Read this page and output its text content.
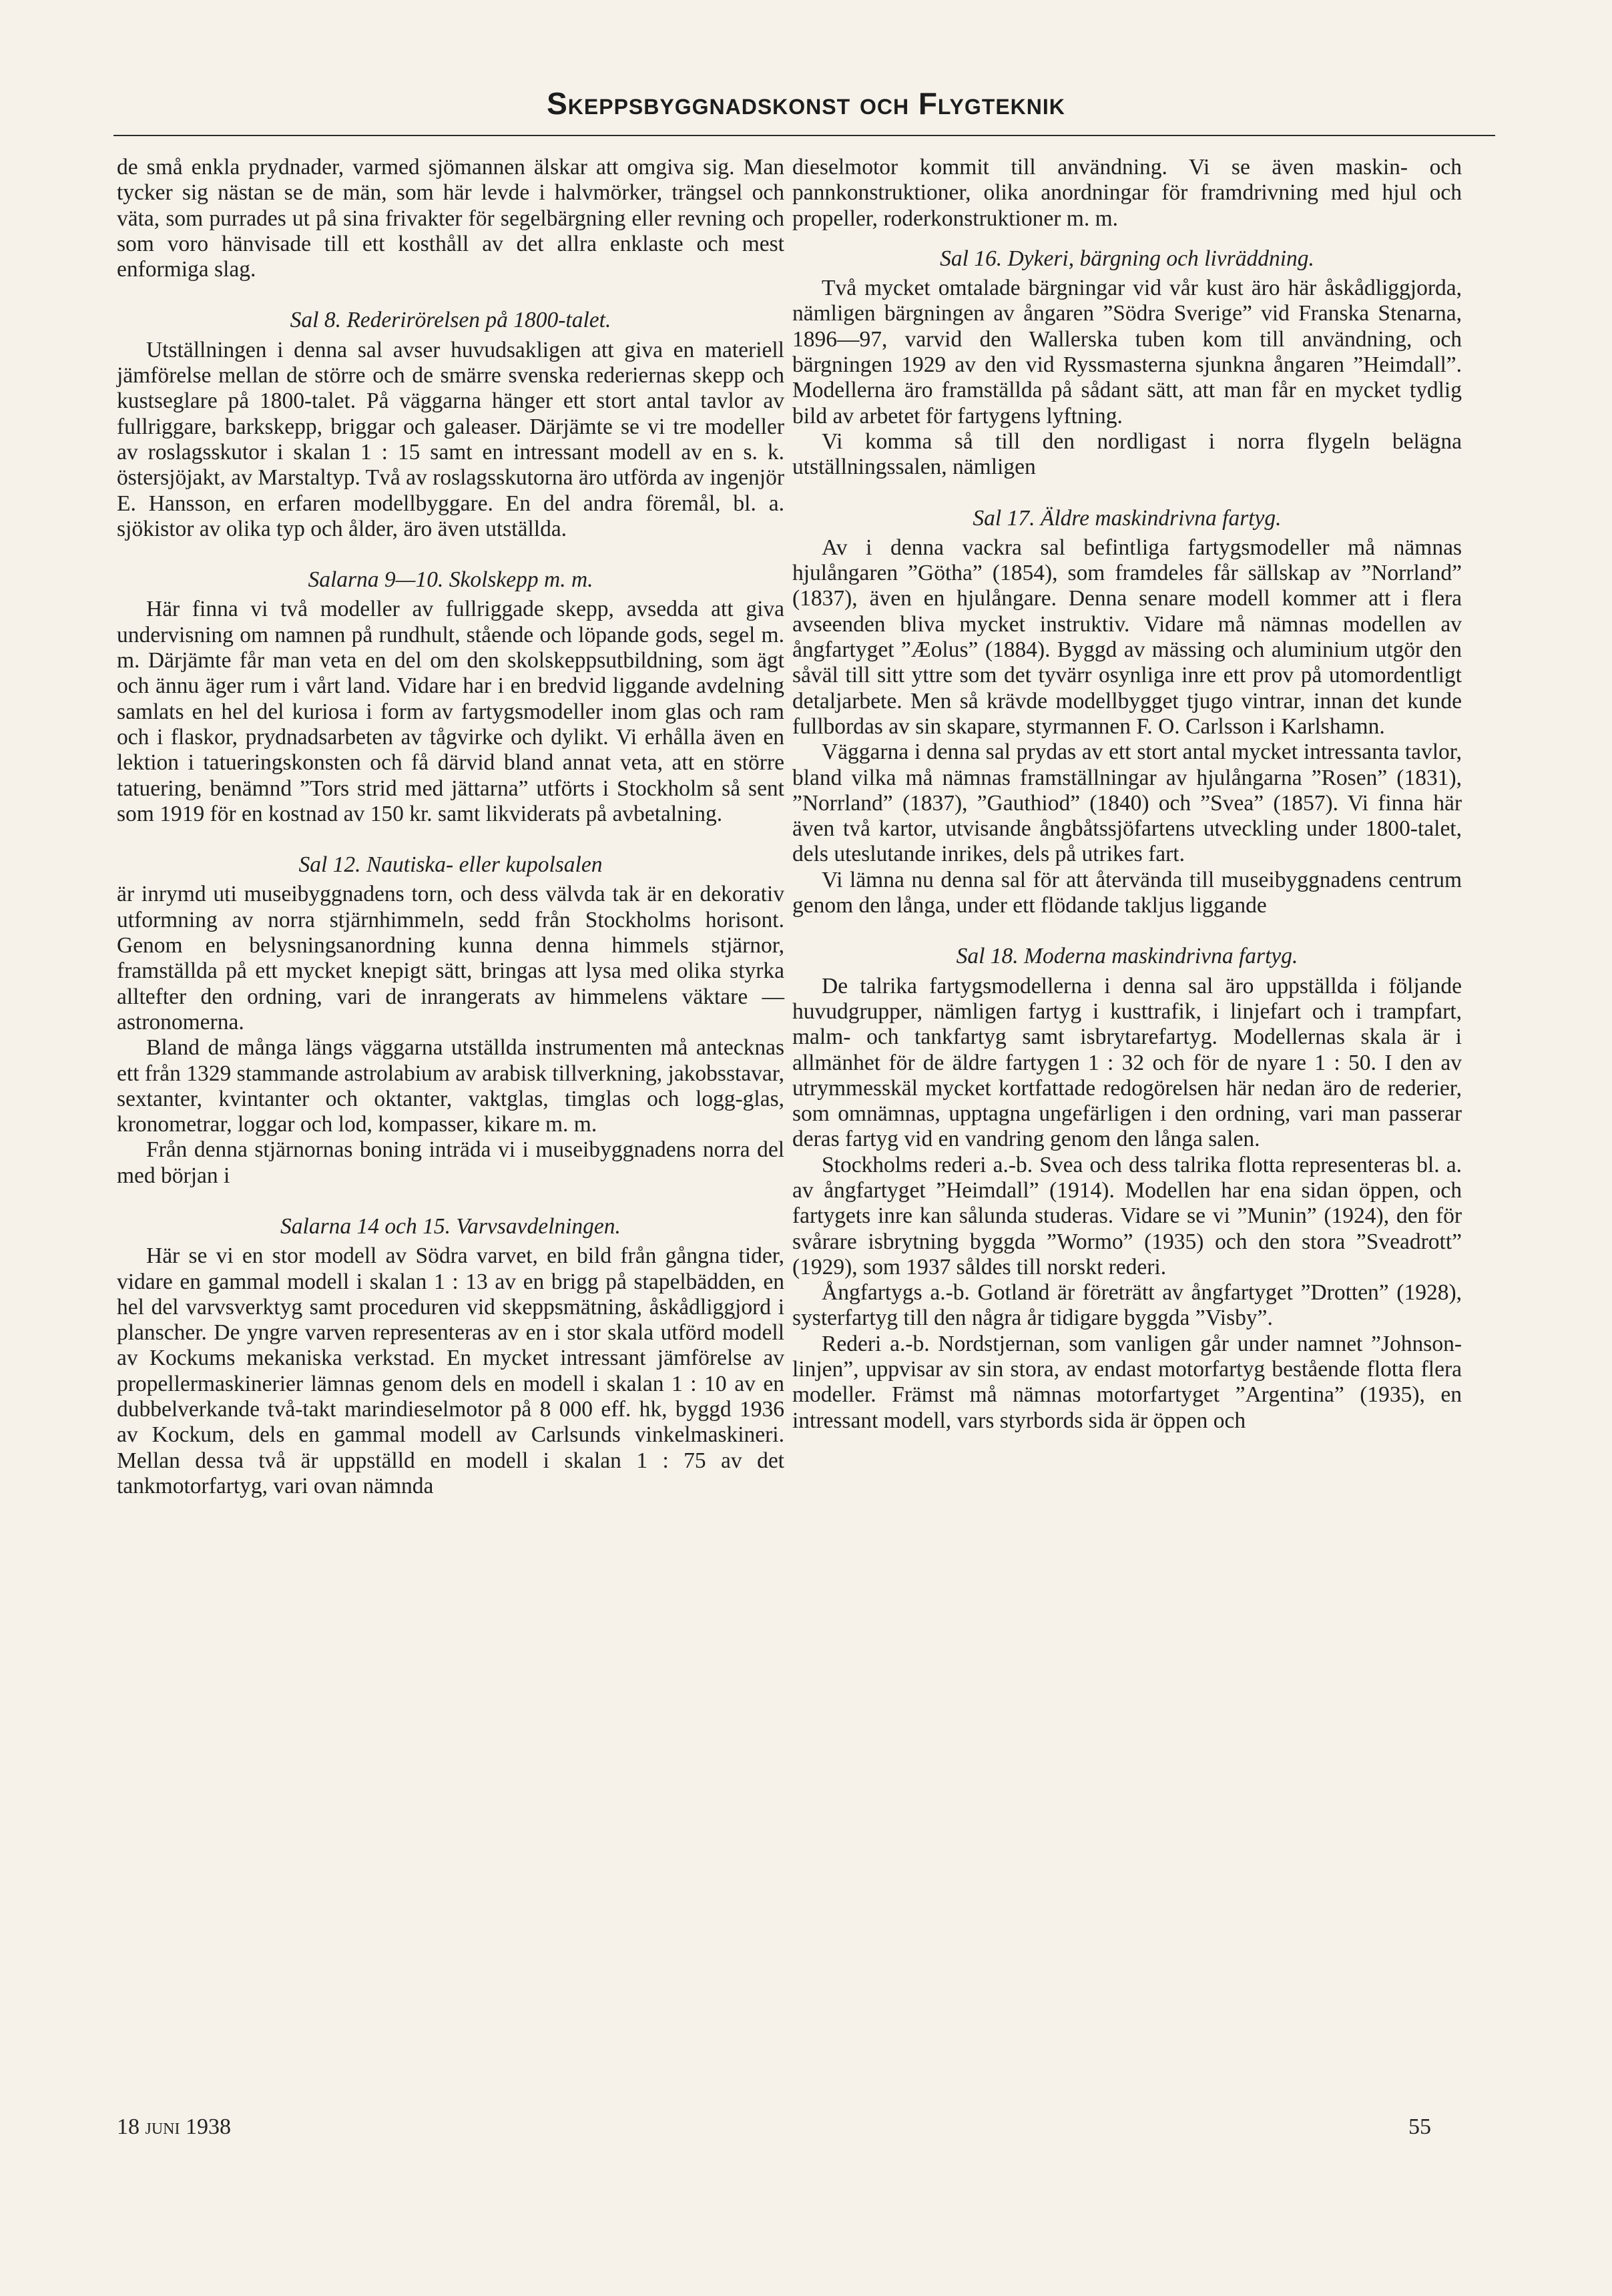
Skeppsbyggnadskonst och Flygteknik

de små enkla prydnader, varmed sjömannen älskar att omgiva sig. Man tycker sig nästan se de män, som här levde i halvmörker, trängsel och väta, som purrades ut på sina frivakter för segelbärgning eller revning och som voro hänvisade till ett kosthåll av det allra enklaste och mest enformiga slag.

Sal 8. Rederirörelsen på 1800-talet.

Utställningen i denna sal avser huvudsakligen att giva en materiell jämförelse mellan de större och de smärre svenska rederiernas skepp och kustseglare på 1800-talet. På väggarna hänger ett stort antal tavlor av fullriggare, barkskepp, briggar och galeaser. Därjämte se vi tre modeller av roslagsskutor i skalan 1 : 15 samt en intressant modell av en s. k. östersjöjakt, av Marstaltyp. Två av roslagsskutorna äro utförda av ingenjör E. Hansson, en erfaren modellbyggare. En del andra föremål, bl. a. sjökistor av olika typ och ålder, äro även utställda.

Salarna 9—10. Skolskepp m. m.

Här finna vi två modeller av fullriggade skepp, avsedda att giva undervisning om namnen på rundhult, stående och löpande gods, segel m. m. Därjämte får man veta en del om den skolskeppsutbildning, som ägt och ännu äger rum i vårt land. Vidare har i en bredvid liggande avdelning samlats en hel del kuriosa i form av fartygsmodeller inom glas och ram och i flaskor, prydnadsarbeten av tågvirke och dylikt. Vi erhålla även en lektion i tatueringskonsten och få därvid bland annat veta, att en större tatuering, benämnd ”Tors strid med jättarna” utförts i Stockholm så sent som 1919 för en kostnad av 150 kr. samt likviderats på avbetalning.

Sal 12. Nautiska- eller kupolsalen

är inrymd uti museibyggnadens torn, och dess välvda tak är en dekorativ utformning av norra stjärnhimmeln, sedd från Stockholms horisont. Genom en belysningsanordning kunna denna himmels stjärnor, framställda på ett mycket knepigt sätt, bringas att lysa med olika styrka alltefter den ordning, vari de inrangerats av himmelens väktare — astronomerna.

Bland de många längs väggarna utställda instrumenten må antecknas ett från 1329 stammande astrolabium av arabisk tillverkning, jakobsstavar, sextanter, kvintanter och oktanter, vaktglas, timglas och logg-glas, kronometrar, loggar och lod, kompasser, kikare m. m.

Från denna stjärnornas boning inträda vi i museibyggnadens norra del med början i

Salarna 14 och 15. Varvsavdelningen.

Här se vi en stor modell av Södra varvet, en bild från gångna tider, vidare en gammal modell i skalan 1 : 13 av en brigg på stapelbädden, en hel del varvsverktyg samt proceduren vid skeppsmätning, åskådliggjord i planscher. De yngre varven representeras av en i stor skala utförd modell av Kockums mekaniska verkstad. En mycket intressant jämförelse av propellermaskinerier lämnas genom dels en modell i skalan 1 : 10 av en dubbelverkande två-takt marindieselmotor på 8 000 eff. hk, byggd 1936 av Kockum, dels en gammal modell av Carlsunds vinkelmaskineri. Mellan dessa två är uppställd en modell i skalan 1 : 75 av det tankmotorfartyg, vari ovan nämnda

dieselmotor kommit till användning. Vi se även maskin- och pannkonstruktioner, olika anordningar för framdrivning med hjul och propeller, roderkonstruktioner m. m.

Sal 16. Dykeri, bärgning och livräddning.

Två mycket omtalade bärgningar vid vår kust äro här åskådliggjorda, nämligen bärgningen av ångaren ”Södra Sverige” vid Franska Stenarna, 1896—97, varvid den Wallerska tuben kom till användning, och bärgningen 1929 av den vid Ryssmasterna sjunkna ångaren ”Heimdall”. Modellerna äro framställda på sådant sätt, att man får en mycket tydlig bild av arbetet för fartygens lyftning.

Vi komma så till den nordligast i norra flygeln belägna utställningssalen, nämligen

Sal 17. Äldre maskindrivna fartyg.

Av i denna vackra sal befintliga fartygsmodeller må nämnas hjulångaren ”Götha” (1854), som framdeles får sällskap av ”Norrland” (1837), även en hjulångare. Denna senare modell kommer att i flera avseenden bliva mycket instruktiv. Vidare må nämnas modellen av ångfartyget ”Æolus” (1884). Byggd av mässing och aluminium utgör den såväl till sitt yttre som det tyvärr osynliga inre ett prov på utomordentligt detaljarbete. Men så krävde modellbygget tjugo vintrar, innan det kunde fullbordas av sin skapare, styrmannen F. O. Carlsson i Karlshamn.

Väggarna i denna sal prydas av ett stort antal mycket intressanta tavlor, bland vilka må nämnas framställningar av hjulångarna ”Rosen” (1831), ”Norrland” (1837), ”Gauthiod” (1840) och ”Svea” (1857). Vi finna här även två kartor, utvisande ångbåtssjöfartens utveckling under 1800-talet, dels uteslutande inrikes, dels på utrikes fart.

Vi lämna nu denna sal för att återvända till museibyggnadens centrum genom den långa, under ett flödande takljus liggande

Sal 18. Moderna maskindrivna fartyg.

De talrika fartygsmodellerna i denna sal äro uppställda i följande huvudgrupper, nämligen fartyg i kusttrafik, i linjefart och i trampfart, malm- och tankfartyg samt isbrytarefartyg. Modellernas skala är i allmänhet för de äldre fartygen 1 : 32 och för de nyare 1 : 50. I den av utrymmesskäl mycket kortfattade redogörelsen här nedan äro de rederier, som omnämnas, upptagna ungefärligen i den ordning, vari man passerar deras fartyg vid en vandring genom den långa salen.

Stockholms rederi a.-b. Svea och dess talrika flotta representeras bl. a. av ångfartyget ”Heimdall” (1914). Modellen har ena sidan öppen, och fartygets inre kan sålunda studeras. Vidare se vi ”Munin” (1924), den för svårare isbrytning byggda ”Wormo” (1935) och den stora ”Sveadrott” (1929), som 1937 såldes till norskt rederi.

Ångfartygs a.-b. Gotland är företrätt av ångfartyget ”Drotten” (1928), systerfartyg till den några år tidigare byggda ”Visby”.

Rederi a.-b. Nordstjernan, som vanligen går under namnet ”Johnson-linjen”, uppvisar av sin stora, av endast motorfartyg bestående flotta flera modeller. Främst må nämnas motorfartyget ”Argentina” (1935), en intressant modell, vars styrbords sida är öppen och

18 juni 1938	55
